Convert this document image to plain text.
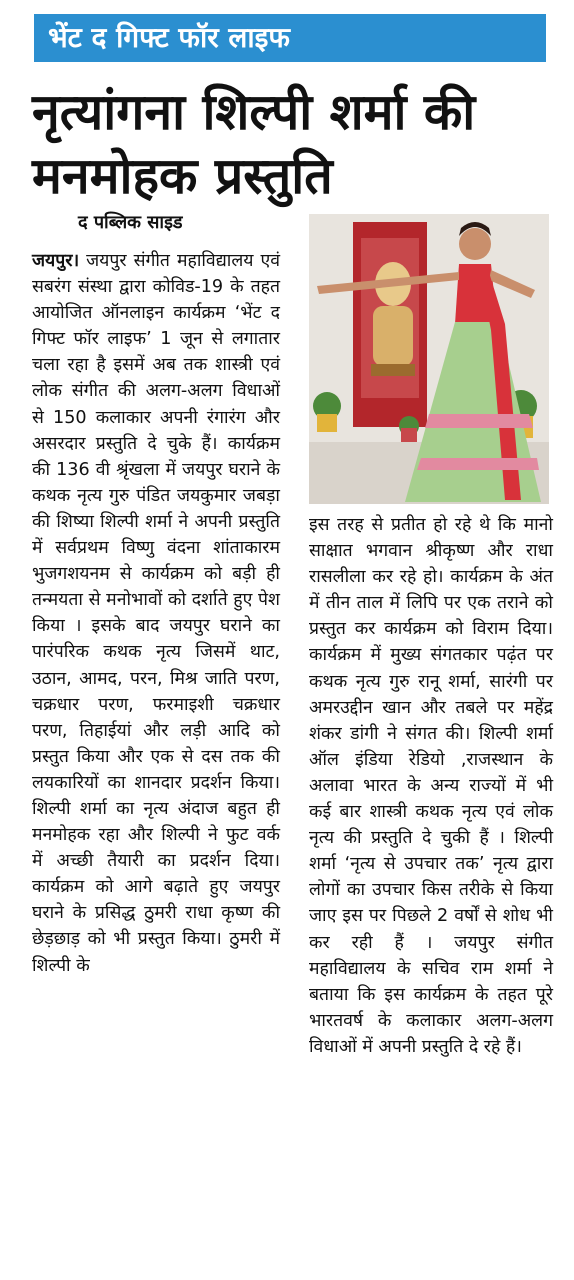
भेंट द गिफ्ट फॉर लाइफ
नृत्यांगना शिल्पी शर्मा की मनमोहक प्रस्तुति
द पब्लिक साइड
जयपुर। जयपुर संगीत महाविद्यालय एवं सबरंग संस्था द्वारा कोविड-19 के तहत आयोजित ऑनलाइन कार्यक्रम ‘भेंट द गिफ्ट फॉर लाइफ’ 1 जून से लगातार चला रहा है इसमें अब तक शास्त्री एवं लोक संगीत की अलग-अलग विधाओं से 150 कलाकार अपनी रंगारंग और असरदार प्रस्तुति दे चुके हैं। कार्यक्रम की 136 वी श्रृंखला में जयपुर घराने के कथक नृत्य गुरु पंडित जयकुमार जबड़ा की शिष्या शिल्पी शर्मा ने अपनी प्रस्तुति में सर्वप्रथम विष्णु वंदना शांताकारम भुजगशयनम से कार्यक्रम को बड़ी ही तन्मयता से मनोभावों को दर्शाते हुए पेश किया । इसके बाद जयपुर घराने का पारंपरिक कथक नृत्य जिसमें थाट, उठान, आमद, परन, मिश्र जाति परण, चक्रधार परण, फरमाइशी चक्रधार परण, तिहाईयां और लड़ी आदि को प्रस्तुत किया और एक से दस तक की लयकारियों का शानदार प्रदर्शन किया। शिल्पी शर्मा का नृत्य अंदाज बहुत ही मनमोहक रहा और शिल्पी ने फुट वर्क में अच्छी तैयारी का प्रदर्शन दिया। कार्यक्रम को आगे बढ़ाते हुए जयपुर घराने के प्रसिद्ध ठुमरी राधा कृष्ण की छेड़छाड़ को भी प्रस्तुत किया। ठुमरी में शिल्पी के
इस तरह से प्रतीत हो रहे थे कि मानो साक्षात भगवान श्रीकृष्ण और राधा रासलीला कर रहे हो। कार्यक्रम के अंत में तीन ताल में लिपि पर एक तराने को प्रस्तुत कर कार्यक्रम को विराम दिया। कार्यक्रम में मुख्य संगतकार पढ़ंत पर कथक नृत्य गुरु रानू शर्मा, सारंगी पर अमरउद्दीन खान और तबले पर महेंद्र शंकर डांगी ने संगत की। शिल्पी शर्मा ऑल इंडिया रेडियो ,राजस्थान के अलावा भारत के अन्य राज्यों में भी कई बार शास्त्री कथक नृत्य एवं लोक नृत्य की प्रस्तुति दे चुकी हैं । शिल्पी शर्मा ‘नृत्य से उपचार तक’ नृत्य द्वारा लोगों का उपचार किस तरीके से किया जाए इस पर पिछले 2 वर्षों से शोध भी कर रही हैं । जयपुर संगीत महाविद्यालय के सचिव राम शर्मा ने बताया कि इस कार्यक्रम के तहत पूरे भारतवर्ष के कलाकार अलग-अलग विधाओं में अपनी प्रस्तुति दे रहे हैं।
